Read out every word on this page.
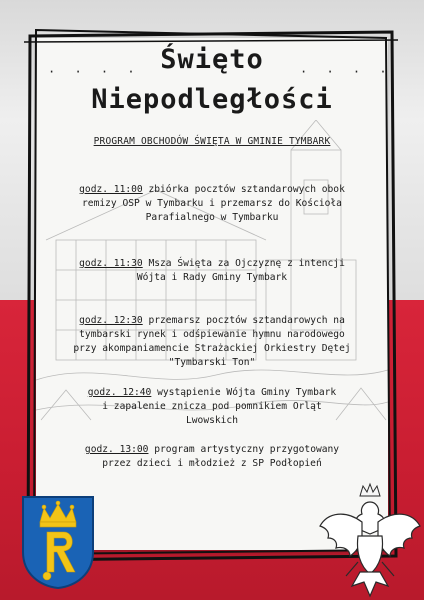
· · · ·	· · · ·
Święto
Niepodległości
PROGRAM OBCHODÓW ŚWIĘTA W GMINIE TYMBARK
godz. 11:00 zbiórka pocztów sztandarowych obok
remizy OSP w Tymbarku i przemarsz do Kościoła
Parafialnego w Tymbarku
godz. 11:30 Msza Święta za Ojczyznę z intencji
Wójta i Rady Gminy Tymbark
godz. 12:30 przemarsz pocztów sztandarowych na
tymbarski rynek i odśpiewanie hymnu narodowego
przy akompaniamencie Strażackiej Orkiestry Dętej
"Tymbarski Ton"
godz. 12:40 wystąpienie Wójta Gminy Tymbark
i zapalenie znicza pod pomnikiem Orląt
Lwowskich
godz. 13:00 program artystyczny przygotowany
przez dzieci i młodzież z SP Podłopień
